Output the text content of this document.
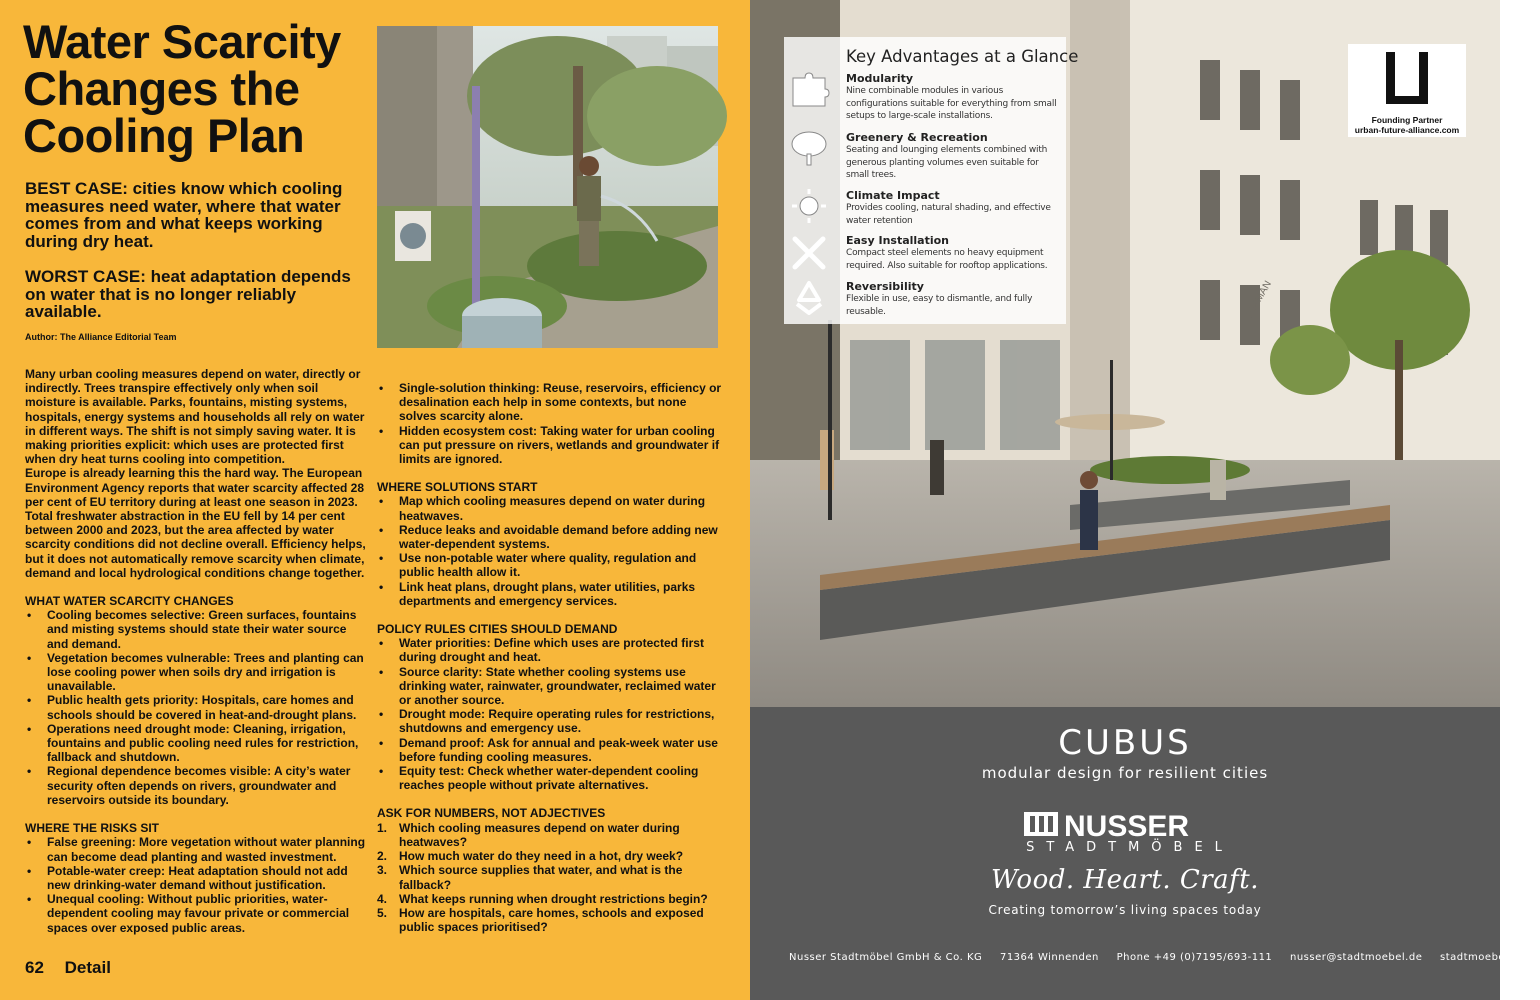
Water Scarcity Changes the Cooling Plan

BEST CASE: cities know which cooling measures need water, where that water comes from and what keeps working during dry heat.

WORST CASE: heat adaptation depends on water that is no longer reliably available.

Author: The Alliance Editorial Team

Many urban cooling measures depend on water, directly or indirectly. Trees transpire effectively only when soil moisture is available. Parks, fountains, misting systems, hospitals, energy systems and households all rely on water in different ways. The shift is not simply saving water. It is making priorities explicit: which uses are protected first when dry heat turns cooling into competition.

Europe is already learning this the hard way. The European Environment Agency reports that water scarcity affected 28 per cent of EU territory during at least one season in 2023. Total freshwater abstraction in the EU fell by 14 per cent between 2000 and 2023, but the area affected by water scarcity conditions did not decline overall. Efficiency helps, but it does not automatically remove scarcity when climate, demand and local hydrological conditions change together.

WHAT WATER SCARCITY CHANGES

• Cooling becomes selective: Green surfaces, fountains and misting systems should state their water source and demand.
• Vegetation becomes vulnerable: Trees and planting can lose cooling power when soils dry and irrigation is unavailable.
• Public health gets priority: Hospitals, care homes and schools should be covered in heat-and-drought plans.
• Operations need drought mode: Cleaning, irrigation, fountains and public cooling need rules for restriction, fallback and shutdown.
• Regional dependence becomes visible: A city’s water security often depends on rivers, groundwater and reservoirs outside its boundary.

WHERE THE RISKS SIT

• False greening: More vegetation without water planning can become dead planting and wasted investment.
• Potable-water creep: Heat adaptation should not add new drinking-water demand without justification.
• Unequal cooling: Without public priorities, water-dependent cooling may favour private or commercial spaces over exposed public areas.
• Single-solution thinking: Reuse, reservoirs, efficiency or desalination each help in some contexts, but none solves scarcity alone.
• Hidden ecosystem cost: Taking water for urban cooling can put pressure on rivers, wetlands and groundwater if limits are ignored.

WHERE SOLUTIONS START

• Map which cooling measures depend on water during heatwaves.
• Reduce leaks and avoidable demand before adding new water-dependent systems.
• Use non-potable water where quality, regulation and public health allow it.
• Link heat plans, drought plans, water utilities, parks departments and emergency services.

POLICY RULES CITIES SHOULD DEMAND

• Water priorities: Define which uses are protected first during drought and heat.
• Source clarity: State whether cooling systems use drinking water, rainwater, groundwater, reclaimed water or another source.
• Drought mode: Require operating rules for restrictions, shutdowns and emergency use.
• Demand proof: Ask for annual and peak-week water use before funding cooling measures.
• Equity test: Check whether water-dependent cooling reaches people without private alternatives.

ASK FOR NUMBERS, NOT ADJECTIVES

1. Which cooling measures depend on water during heatwaves?
2. How much water do they need in a hot, dry week?
3. Which source supplies that water, and what is the fallback?
4. What keeps running when drought restrictions begin?
5. How are hospitals, care homes, schools and exposed public spaces prioritised?
62 Detail
TOPMAN
Founding Partner
urban-future-alliance.com
Key Advantages at a Glance
Modularity
Nine combinable modules in various configurations suitable for everything from small setups to large-scale installations.
Greenery & Recreation
Seating and lounging elements combined with generous planting volumes even suitable for small trees.
Climate Impact
Provides cooling, natural shading, and effective water retention
Easy Installation
Compact steel elements no heavy equipment required. Also suitable for rooftop applications.
Reversibility
Flexible in use, easy to dismantle, and fully reusable.
CUBUS
modular design for resilient cities
NUSSER
STADTMÖBEL
Wood. Heart. Craft.
Creating tomorrow’s living spaces today
Nusser Stadtmöbel GmbH & Co. KG 71364 Winnenden Phone +49 (0)7195/693-111 nusser@stadtmoebel.de stadtmoebel.de
